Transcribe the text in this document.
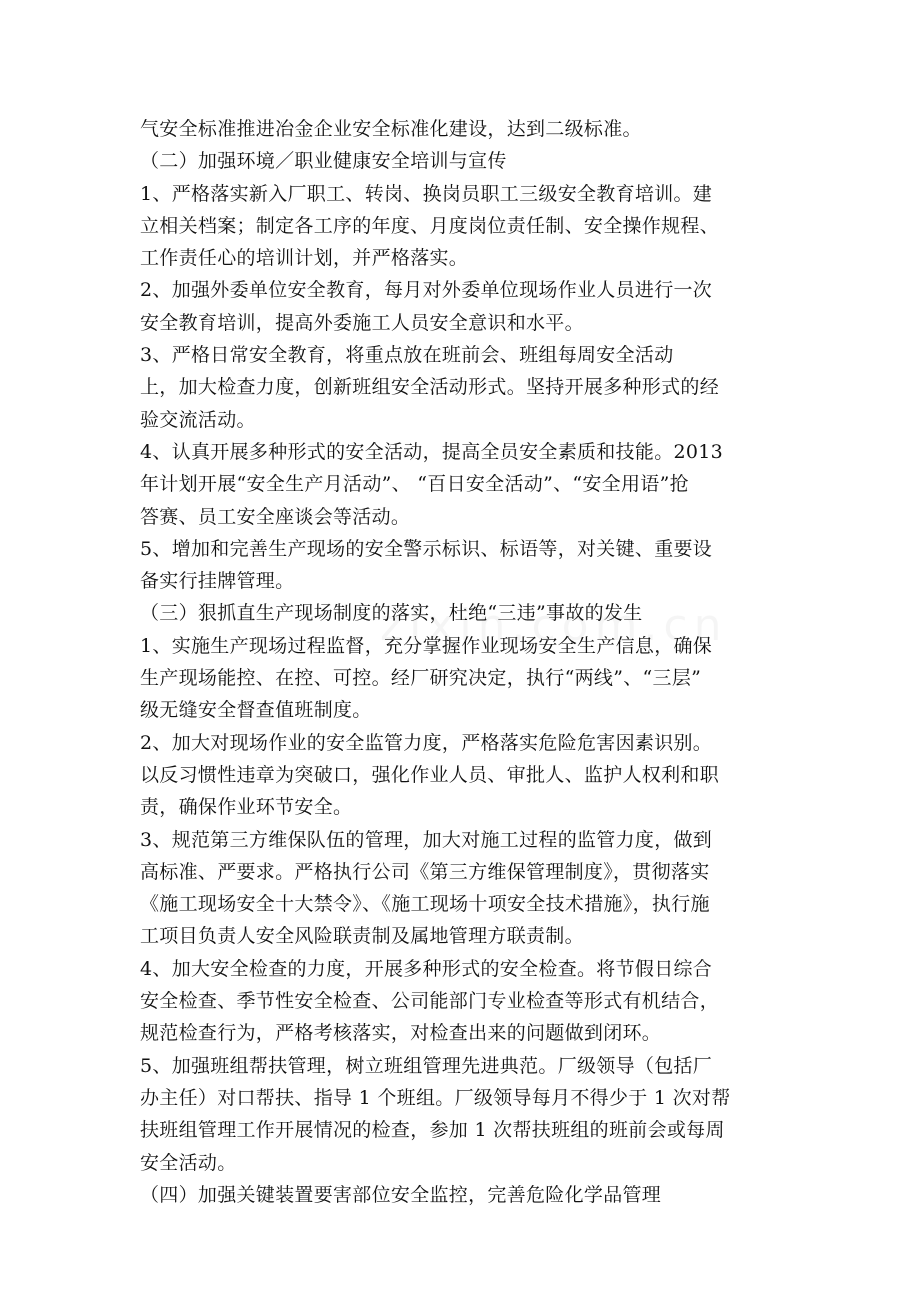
气安全标准推进冶金企业安全标准化建设，达到二级标准。
（二）加强环境／职业健康安全培训与宣传
1、严格落实新入厂职工、转岗、换岗员职工三级安全教育培训。建
立相关档案；制定各工序的年度、月度岗位责任制、安全操作规程、
工作责任心的培训计划，并严格落实。
2、加强外委单位安全教育，每月对外委单位现场作业人员进行一次
安全教育培训，提高外委施工人员安全意识和水平。
3、严格日常安全教育，将重点放在班前会、班组每周安全活动
上，加大检查力度，创新班组安全活动形式。坚持开展多种形式的经
验交流活动。
4、认真开展多种形式的安全活动，提高全员安全素质和技能。2013
年计划开展“安全生产月活动”、 “百日安全活动”、“安全用语”抢
答赛、员工安全座谈会等活动。
5、增加和完善生产现场的安全警示标识、标语等，对关键、重要设
备实行挂牌管理。
（三）狠抓直生产现场制度的落实，杜绝“三违”事故的发生
1、实施生产现场过程监督，充分掌握作业现场安全生产信息，确保
生产现场能控、在控、可控。经厂研究决定，执行“两线”、“三层”
级无缝安全督查值班制度。
2、加大对现场作业的安全监管力度，严格落实危险危害因素识别。
以反习惯性违章为突破口，强化作业人员、审批人、监护人权利和职
责，确保作业环节安全。
3、规范第三方维保队伍的管理，加大对施工过程的监管力度，做到
高标准、严要求。严格执行公司《第三方维保管理制度》，贯彻落实
《施工现场安全十大禁令》、《施工现场十项安全技术措施》，执行施
工项目负责人安全风险联责制及属地管理方联责制。
4、加大安全检查的力度，开展多种形式的安全检查。将节假日综合
安全检查、季节性安全检查、公司能部门专业检查等形式有机结合，
规范检查行为，严格考核落实，对检查出来的问题做到闭环。
5、加强班组帮扶管理，树立班组管理先进典范。厂级领导（包括厂
办主任）对口帮扶、指导 1 个班组。厂级领导每月不得少于 1 次对帮
扶班组管理工作开展情况的检查，参加 1 次帮扶班组的班前会或每周
安全活动。
（四）加强关键装置要害部位安全监控，完善危险化学品管理
